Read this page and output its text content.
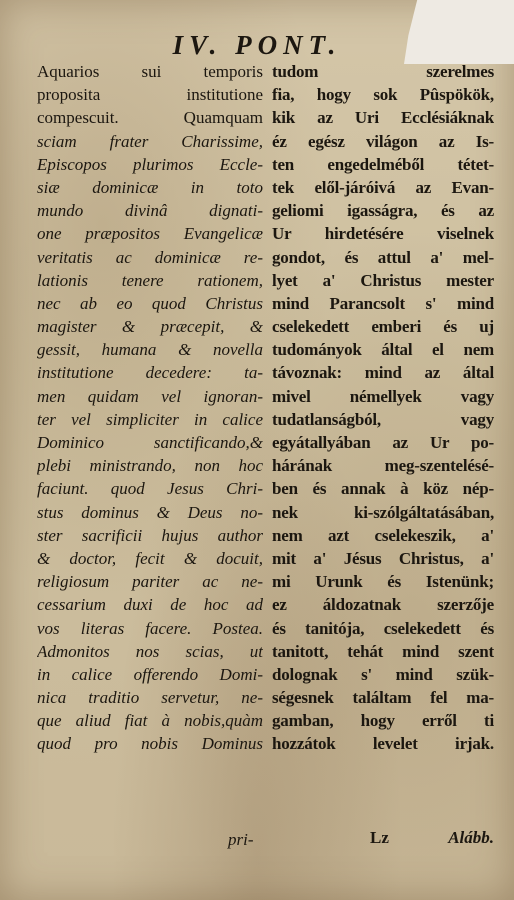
IV. PONT.
Aquarios sui temporis
proposita institutione
compescuit. Quamquam
sciam frater Charissime,
Episcopos plurimos Eccle-
siæ dominicæ in toto
mundo divinâ dignati-
one præpositos Evangelicæ
veritatis ac dominicæ re-
lationis tenere rationem,
nec ab eo quod Christus
magister & præcepit, &
gessit, humana & novella
institutione decedere: ta-
men quidam vel ignoran-
ter vel simpliciter in calice
Dominico sanctificando,&
plebi ministrando, non hoc
faciunt. quod Jesus Chri-
stus dominus & Deus no-
ster sacrificii hujus author
& doctor, fecit & docuit,
religiosum pariter ac ne-
cessarium duxi de hoc ad
vos literas facere. Postea.
Admonitos nos scias, ut
in calice offerendo Domi-
nica traditio servetur, ne-
que aliud fiat à nobis,quàm
quod pro nobis Dominus
tudom szerelmes
fia, hogy sok Pûspökök,
kik az Uri Ecclésiáknak
éz egész világon az Is-
ten engedelméből tétet-
tek elől-járóivá az Evan-
geliomi igasságra, és az
Ur hirdetésére viselnek
gondot, és attul a' mel-
lyet a' Christus mester
mind Parancsolt s' mind
cselekedett emberi és uj
tudományok által el nem
távoznak: mind az által
mivel némellyek vagy
tudatlanságból, vagy
egyátallyában az Ur po-
hárának meg-szentelésé-
ben és annak à köz nép-
nek ki-szólgáltatásában,
nem azt cselekeszik, a'
mit a' Jésus Christus, a'
mi Urunk és Istenünk;
ez áldozatnak szerzője
és tanitója, cselekedett és
tanitott, tehát mind szent
dolognak s' mind szük-
ségesnek találtam fel ma-
gamban, hogy erről ti
hozzátok levelet irjak.
pri-	Lz	Alább.
